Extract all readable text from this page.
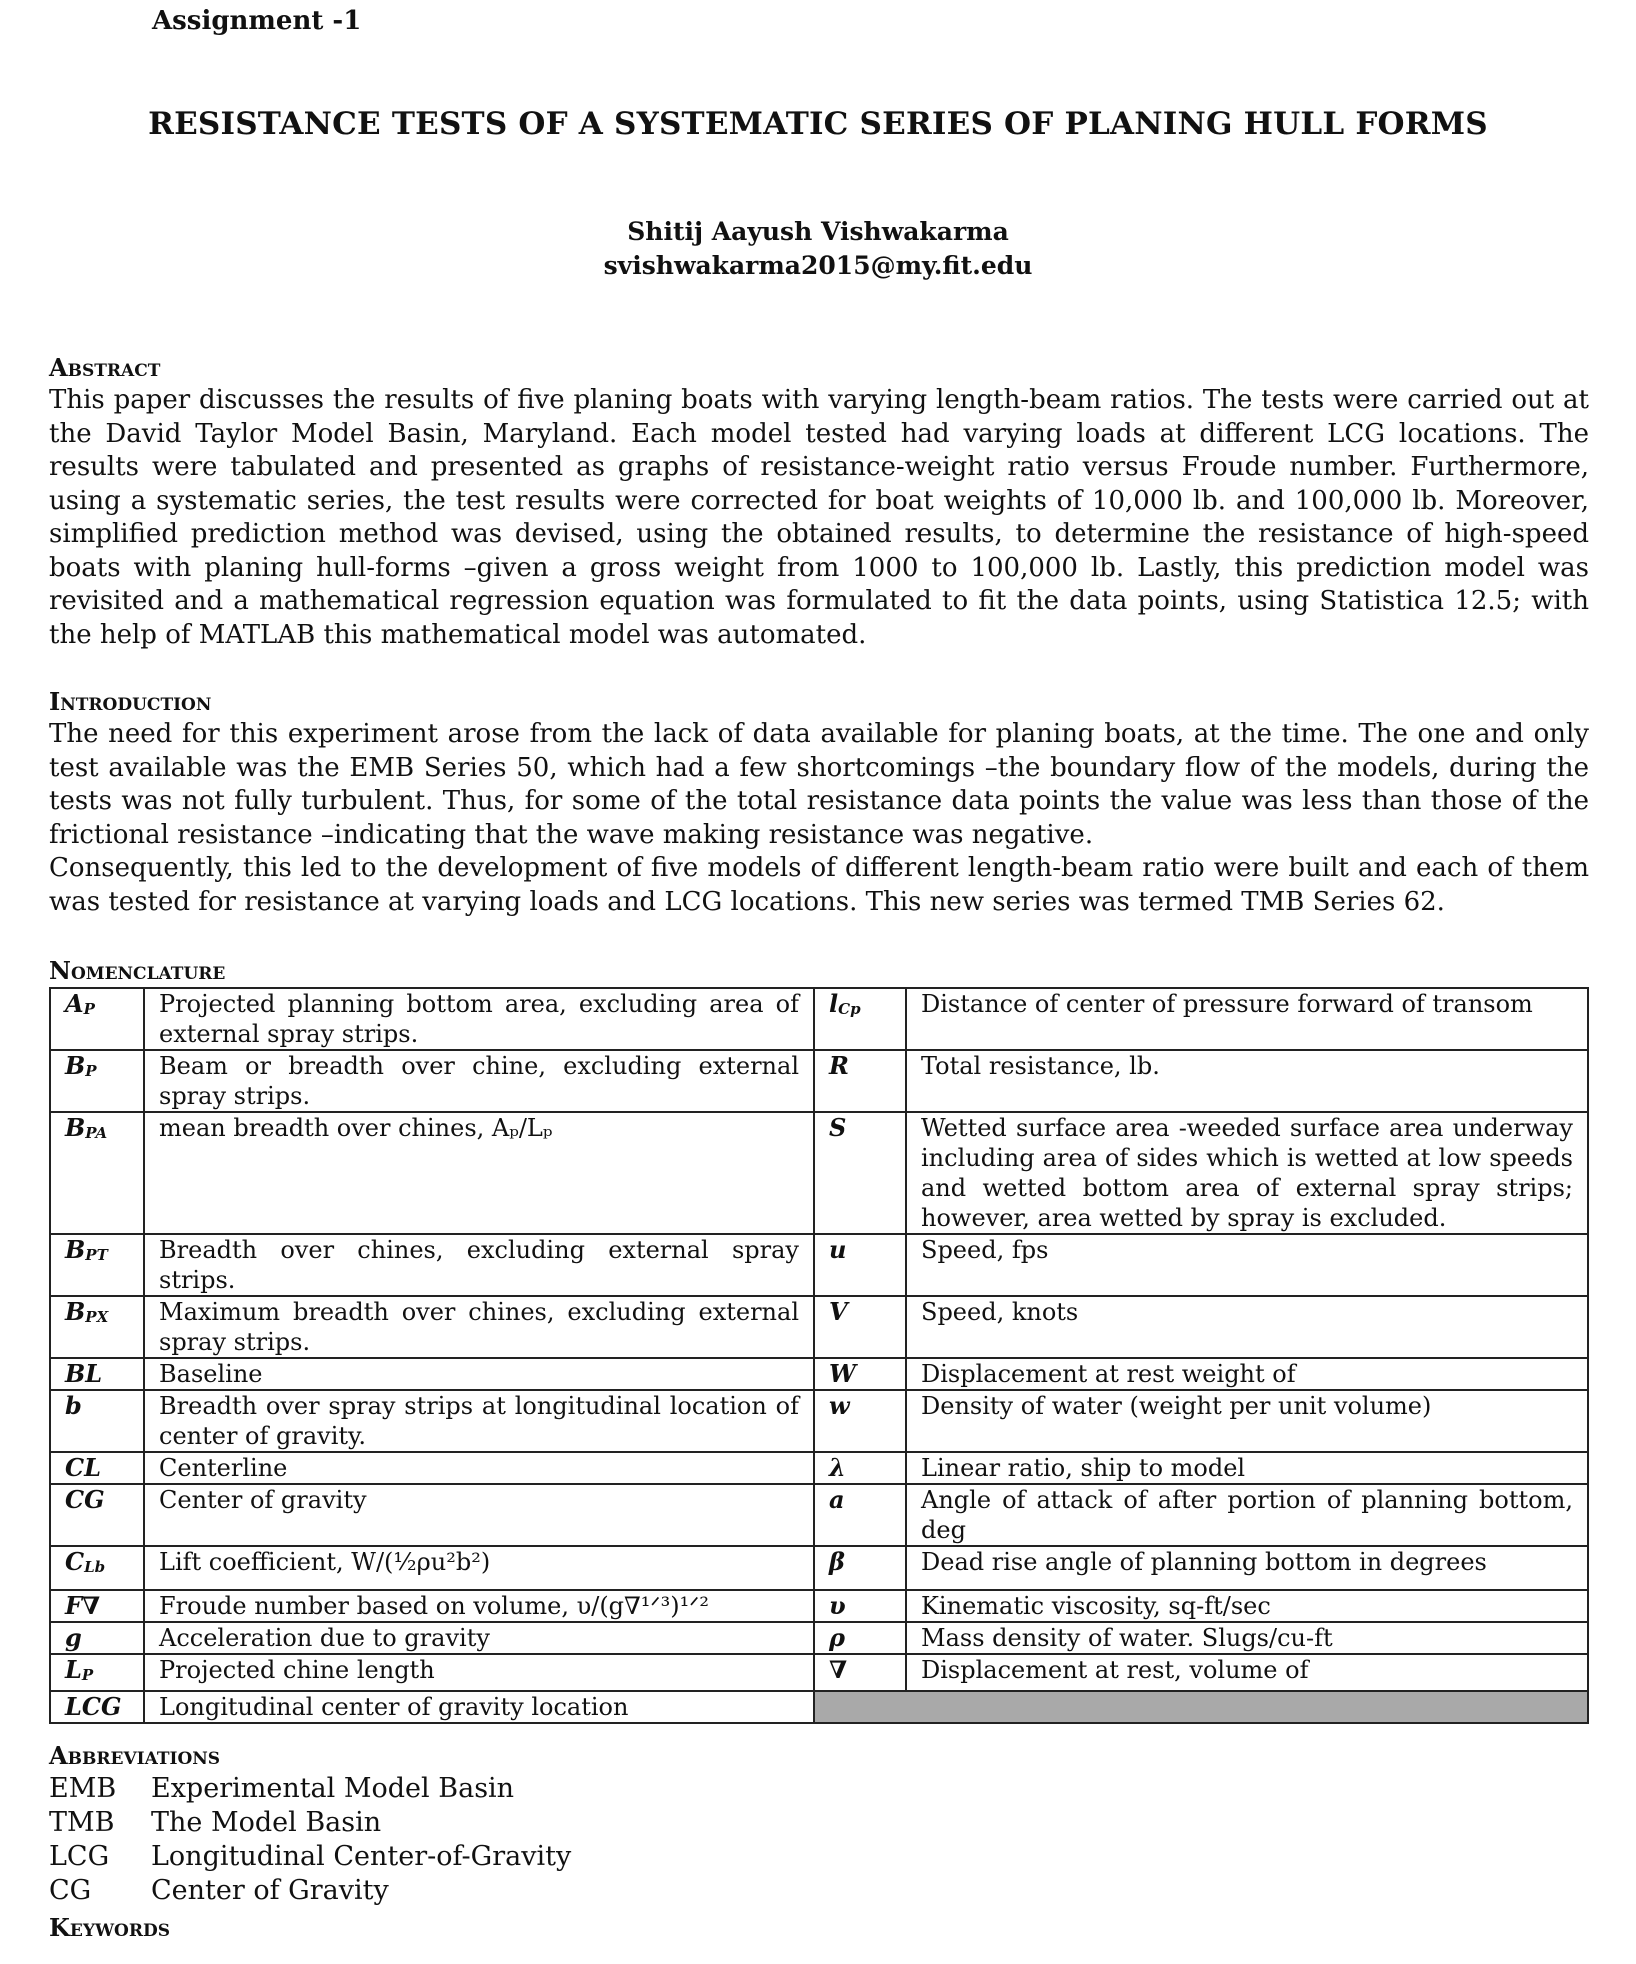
Assignment -1
RESISTANCE TESTS OF A SYSTEMATIC SERIES OF PLANING HULL FORMS
Shitij Aayush Vishwakarma
svishwakarma2015@my.fit.edu
Abstract
This paper discusses the results of five planing boats with varying length-beam ratios. The tests were carried out at the David Taylor Model Basin, Maryland. Each model tested had varying loads at different LCG locations. The results were tabulated and presented as graphs of resistance-weight ratio versus Froude number. Furthermore, using a systematic series, the test results were corrected for boat weights of 10,000 lb. and 100,000 lb. Moreover, simplified prediction method was devised, using the obtained results, to determine the resistance of high-speed boats with planing hull-forms –given a gross weight from 1000 to 100,000 lb. Lastly, this prediction model was revisited and a mathematical regression equation was formulated to fit the data points, using Statistica 12.5; with the help of MATLAB this mathematical model was automated.
Introduction

The need for this experiment arose from the lack of data available for planing boats, at the time. The one and only test available was the EMB Series 50, which had a few shortcomings –the boundary flow of the models, during the tests was not fully turbulent. Thus, for some of the total resistance data points the value was less than those of the frictional resistance –indicating that the wave making resistance was negative.

Consequently, this led to the development of five models of different length-beam ratio were built and each of them was tested for resistance at varying loads and LCG locations. This new series was termed TMB Series 62.

Nomenclature
$A_P$	Projected planning bottom area, excluding area of external spray strips.	$l_{Cp}$	Distance of center of pressure forward of transom
$B_P$	Beam or breadth over chine, excluding external spray strips.	R	Total resistance, lb.
$B_{PA}$	mean breadth over chines, Aₚ/Lₚ	S	Wetted surface area -weeded surface area underway including area of sides which is wetted at low speeds and wetted bottom area of external spray strips; however, area wetted by spray is excluded.
$B_{PT}$	Breadth over chines, excluding external spray strips.	u	Speed, fps
$B_{PX}$	Maximum breadth over chines, excluding external spray strips.	V	Speed, knots
BL	Baseline	W	Displacement at rest weight of
b	Breadth over spray strips at longitudinal location of center of gravity.	w	Density of water (weight per unit volume)
CL	Centerline	λ	Linear ratio, ship to model
CG	Center of gravity	a	Angle of attack of after portion of planning bottom, deg
$C_{Lb}$	Lift coefficient, W/(½ρu²b²)	β	Dead rise angle of planning bottom in degrees
F∇	Froude number based on volume, υ/(g∇¹ᐟ³)¹ᐟ²	υ	Kinematic viscosity, sq-ft/sec
g	Acceleration due to gravity	ρ	Mass density of water. Slugs/cu-ft
$L_P$	Projected chine length	∇	Displacement at rest, volume of
LCG	Longitudinal center of gravity location		
Abbreviations
EMB Experimental Model Basin
TMB The Model Basin
LCG Longitudinal Center-of-Gravity
CG Center of Gravity
Keywords
